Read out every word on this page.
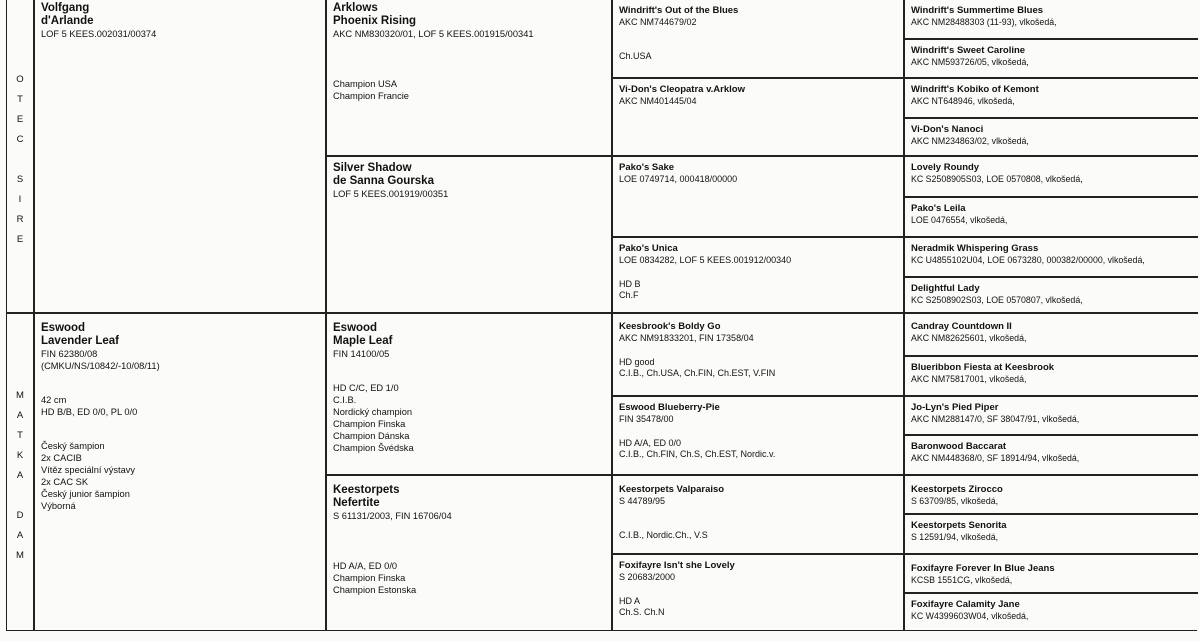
O
T
E
C

S
I
R
E
M
A
T
K
A

D
A
M
Volfgang
d'Arlande
LOF 5 KEES.002031/00374
Eswood
Lavender Leaf
FIN 62380/08
(CMKU/NS/10842/-10/08/11)
42 cm
HD B/B, ED 0/0, PL 0/0
Český šampion
2x CACIB
Vítěz speciální výstavy
2x CAC SK
Český junior šampion
Výborná
Arklows
Phoenix Rising
AKC NM830320/01, LOF 5 KEES.001915/00341
Champion USA
Champion Francie
Silver Shadow
de Sanna Gourska
LOF 5 KEES.001919/00351
Eswood
Maple Leaf
FIN 14100/05
HD C/C, ED 1/0
C.I.B.
Nordický champion
Champion Finska
Champion Dánska
Champion Švédska
Keestorpets
Nefertite
S 61131/2003, FIN 16706/04
HD A/A, ED 0/0
Champion Finska
Champion Estonska
Windrift's Out of the Blues
AKC NM744679/02
Ch.USA
Vi-Don's Cleopatra v.Arklow
AKC NM401445/04
Pako's Sake
LOE 0749714, 000418/00000
Pako's Unica
LOE 0834282, LOF 5 KEES.001912/00340
HD B
Ch.F
Keesbrook's Boldy Go
AKC NM91833201, FIN 17358/04
HD good
C.I.B., Ch.USA, Ch.FIN, Ch.EST, V.FIN
Eswood Blueberry-Pie
FIN 35478/00
HD A/A, ED 0/0
C.I.B., Ch.FIN, Ch.S, Ch.EST, Nordic.v.
Keestorpets Valparaiso
S 44789/95
C.I.B., Nordic.Ch., V.S
Foxifayre Isn't she Lovely
S 20683/2000
HD A
Ch.S. Ch.N
Windrift's Summertime Blues
AKC NM28488303 (11-93), vlkošedá,
Windrift's Sweet Caroline
AKC NM593726/05, vlkošedá,
Windrift's Kobiko of Kemont
AKC NT648946, vlkošedá,
Vi-Don's Nanoci
AKC NM234863/02, vlkošedá,
Lovely Roundy
KC S2508905S03, LOE 0570808, vlkošedá,
Pako's Leila
LOE 0476554, vlkošedá,
Neradmik Whispering Grass
KC U4855102U04, LOE 0673280, 000382/00000, vlkošedá,
Delightful Lady
KC S2508902S03, LOE 0570807, vlkošedá,
Candray Countdown II
AKC NM82625601, vlkošedá,
Blueribbon Fiesta at Keesbrook
AKC NM75817001, vlkošedá,
Jo-Lyn's Pied Piper
AKC NM288147/0, SF 38047/91, vlkošedá,
Baronwood Baccarat
AKC NM448368/0, SF 18914/94, vlkošedá,
Keestorpets Zirocco
S 63709/85, vlkošedá,
Keestorpets Senorita
S 12591/94, vlkošedá,
Foxifayre Forever In Blue Jeans
KCSB 1551CG, vlkošedá,
Foxifayre Calamity Jane
KC W4399603W04, vlkošedá,
